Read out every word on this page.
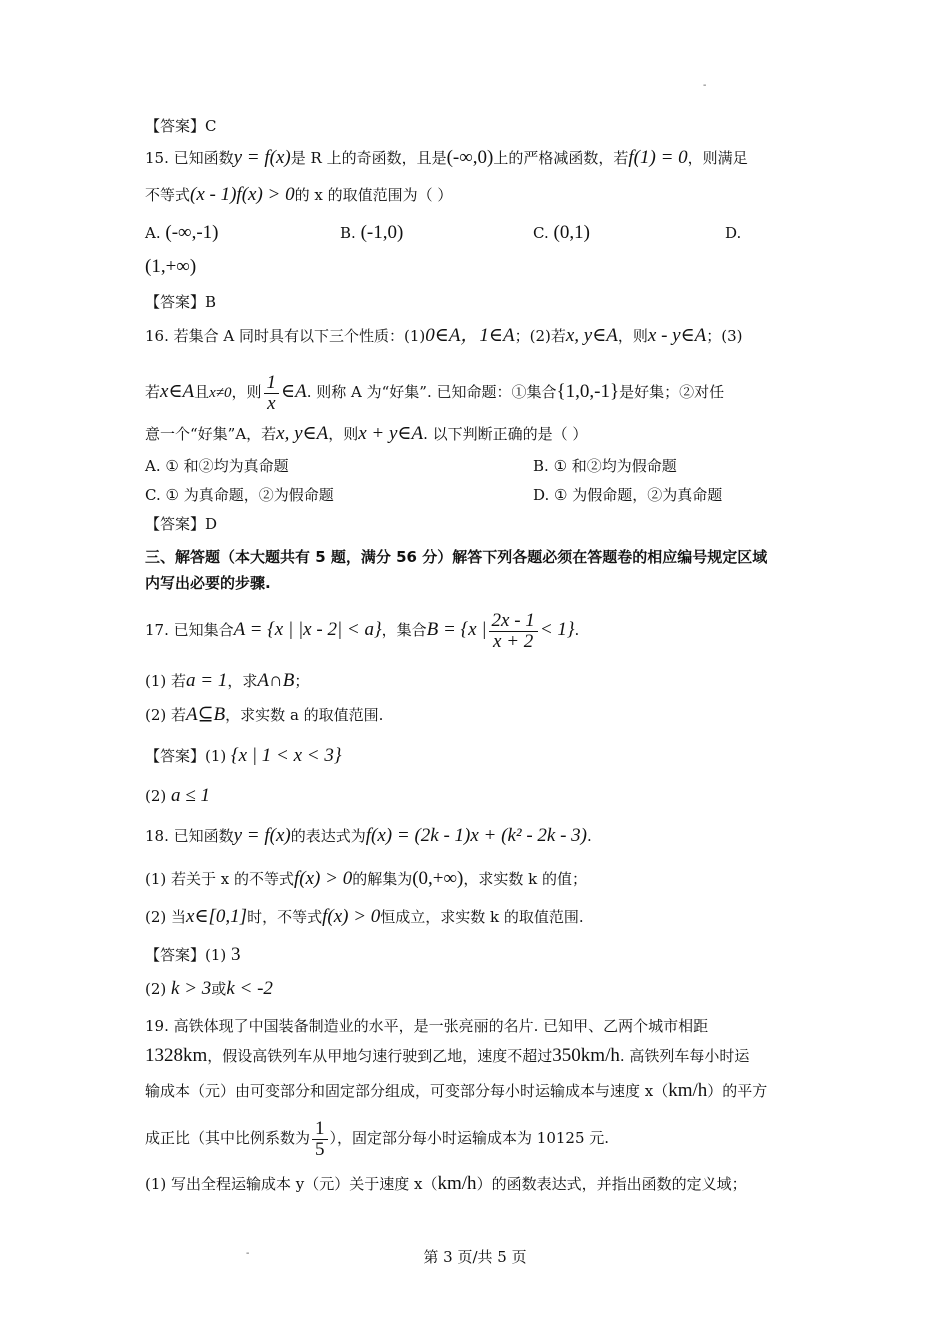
-
【答案】C
15. 已知函数y = f(x)是 R 上的奇函数，且是(-∞,0)上的严格减函数，若f(1) = 0，则满足
不等式(x - 1)f(x) > 0的 x 的取值范围为（ ）
A. (-∞,-1)	B. (-1,0)	C. (0,1)	D.
(1,+∞)
【答案】B
16. 若集合 A 同时具有以下三个性质：(1)0∈A，1∈A；(2)若x, y∈A，则x - y∈A；(3)
若x∈A且x≠0，则 $\frac{1}{x}$ ∈A. 则称 A 为“好集”. 已知命题：①集合{1,0,-1}是好集；②对任
意一个“好集”A，若x, y∈A，则x + y∈A. 以下判断正确的是（ ）
A. ① 和②均为真命题	B. ① 和②均为假命题
C. ① 为真命题，②为假命题	D. ① 为假命题，②为真命题
【答案】D
三、解答题（本大题共有 5 题，满分 56 分）解答下列各题必须在答题卷的相应编号规定区域
内写出必要的步骤.
17. 已知集合A = {x | |x - 2| < a}，集合B = {x | $\frac{2x - 1}{x + 2} < 1$}.
(1) 若a = 1，求A∩B；
(2) 若A⊆B，求实数 a 的取值范围.
【答案】(1) {x | 1 < x < 3}
(2) a ≤ 1
18. 已知函数y = f(x)的表达式为f(x) = (2k - 1)x + (k² - 2k - 3).
(1) 若关于 x 的不等式f(x) > 0的解集为(0,+∞)，求实数 k 的值；
(2) 当x∈[0,1]时，不等式f(x) > 0恒成立，求实数 k 的取值范围.
【答案】(1) 3
(2) k > 3或k < -2
19. 高铁体现了中国装备制造业的水平，是一张亮丽的名片. 已知甲、乙两个城市相距
1328km，假设高铁列车从甲地匀速行驶到乙地，速度不超过350km/h. 高铁列车每小时运
输成本（元）由可变部分和固定部分组成，可变部分每小时运输成本与速度 x（km/h）的平方
成正比（其中比例系数为 $\frac{1}{5}$ ），固定部分每小时运输成本为 10125 元.
(1) 写出全程运输成本 y（元）关于速度 x（km/h）的函数表达式，并指出函数的定义域；
-	第 3 页/共 5 页
